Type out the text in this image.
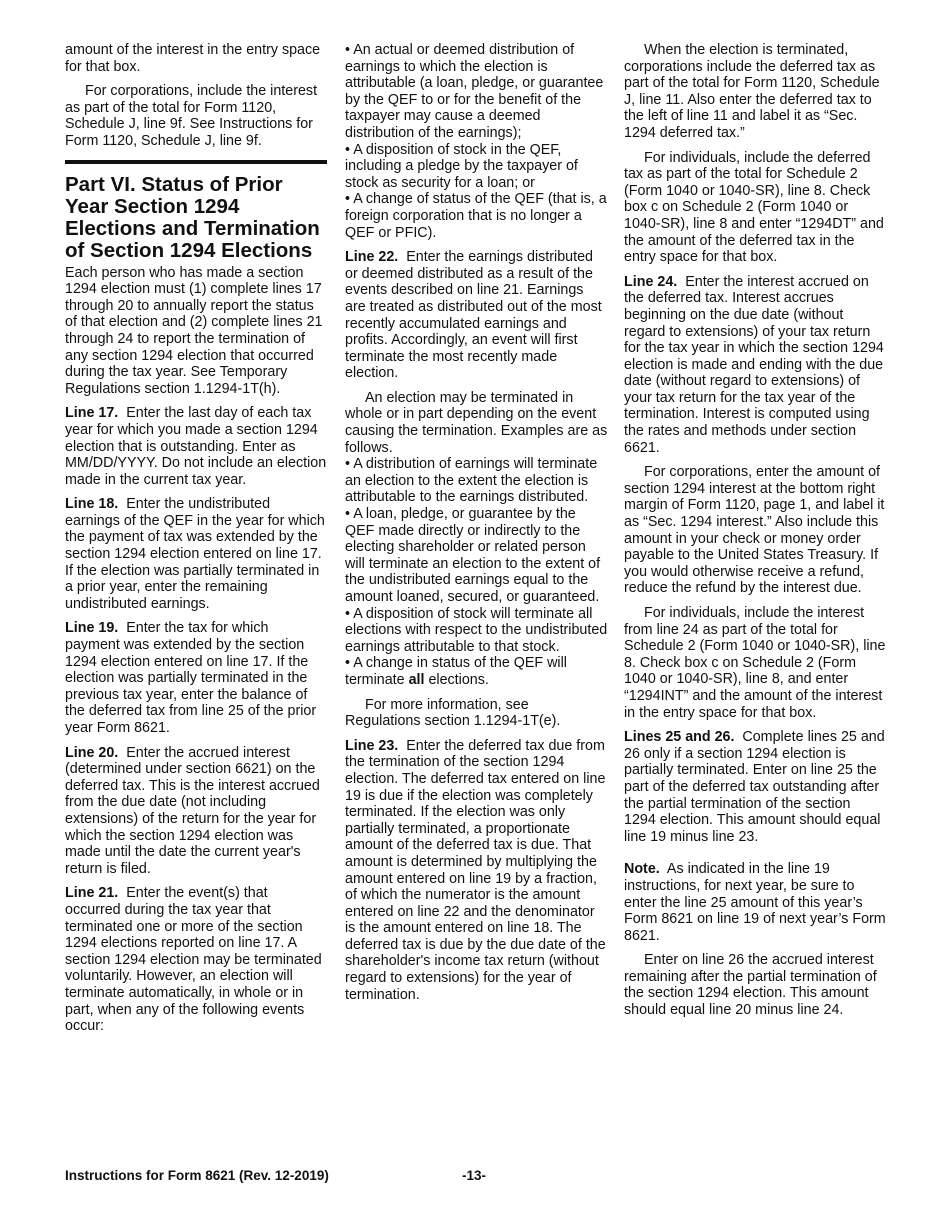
amount of the interest in the entry space for that box.

For corporations, include the interest as part of the total for Form 1120, Schedule J, line 9f. See Instructions for Form 1120, Schedule J, line 9f.

Part VI. Status of Prior Year Section 1294 Elections and Termination of Section 1294 Elections

Each person who has made a section 1294 election must (1) complete lines 17 through 20 to annually report the status of that election and (2) complete lines 21 through 24 to report the termination of any section 1294 election that occurred during the tax year. See Temporary Regulations section 1.1294-1T(h).

Line 17. Enter the last day of each tax year for which you made a section 1294 election that is outstanding. Enter as MM/DD/YYYY. Do not include an election made in the current tax year.

Line 18. Enter the undistributed earnings of the QEF in the year for which the payment of tax was extended by the section 1294 election entered on line 17. If the election was partially terminated in a prior year, enter the remaining undistributed earnings.

Line 19. Enter the tax for which payment was extended by the section 1294 election entered on line 17. If the election was partially terminated in the previous tax year, enter the balance of the deferred tax from line 25 of the prior year Form 8621.

Line 20. Enter the accrued interest (determined under section 6621) on the deferred tax. This is the interest accrued from the due date (not including extensions) of the return for the year for which the section 1294 election was made until the date the current year's return is filed.

Line 21. Enter the event(s) that occurred during the tax year that terminated one or more of the section 1294 elections reported on line 17. A section 1294 election may be terminated voluntarily. However, an election will terminate automatically, in whole or in part, when any of the following events occur:

• An actual or deemed distribution of earnings to which the election is attributable (a loan, pledge, or guarantee by the QEF to or for the benefit of the taxpayer may cause a deemed distribution of the earnings);

• A disposition of stock in the QEF, including a pledge by the taxpayer of stock as security for a loan; or

• A change of status of the QEF (that is, a foreign corporation that is no longer a QEF or PFIC).

Line 22. Enter the earnings distributed or deemed distributed as a result of the events described on line 21. Earnings are treated as distributed out of the most recently accumulated earnings and profits. Accordingly, an event will first terminate the most recently made election.

An election may be terminated in whole or in part depending on the event causing the termination. Examples are as follows.

• A distribution of earnings will terminate an election to the extent the election is attributable to the earnings distributed.

• A loan, pledge, or guarantee by the QEF made directly or indirectly to the electing shareholder or related person will terminate an election to the extent of the undistributed earnings equal to the amount loaned, secured, or guaranteed.

• A disposition of stock will terminate all elections with respect to the undistributed earnings attributable to that stock.

• A change in status of the QEF will terminate all elections.

For more information, see Regulations section 1.1294-1T(e).

Line 23. Enter the deferred tax due from the termination of the section 1294 election. The deferred tax entered on line 19 is due if the election was completely terminated. If the election was only partially terminated, a proportionate amount of the deferred tax is due. That amount is determined by multiplying the amount entered on line 19 by a fraction, of which the numerator is the amount entered on line 22 and the denominator is the amount entered on line 18. The deferred tax is due by the due date of the shareholder's income tax return (without regard to extensions) for the year of termination.

When the election is terminated, corporations include the deferred tax as part of the total for Form 1120, Schedule J, line 11. Also enter the deferred tax to the left of line 11 and label it as “Sec. 1294 deferred tax.”

For individuals, include the deferred tax as part of the total for Schedule 2 (Form 1040 or 1040-SR), line 8. Check box c on Schedule 2 (Form 1040 or 1040-SR), line 8 and enter “1294DT” and the amount of the deferred tax in the entry space for that box.

Line 24. Enter the interest accrued on the deferred tax. Interest accrues beginning on the due date (without regard to extensions) of your tax return for the tax year in which the section 1294 election is made and ending with the due date (without regard to extensions) of your tax return for the tax year of the termination. Interest is computed using the rates and methods under section 6621.

For corporations, enter the amount of section 1294 interest at the bottom right margin of Form 1120, page 1, and label it as “Sec. 1294 interest.” Also include this amount in your check or money order payable to the United States Treasury. If you would otherwise receive a refund, reduce the refund by the interest due.

For individuals, include the interest from line 24 as part of the total for Schedule 2 (Form 1040 or 1040-SR), line 8. Check box c on Schedule 2 (Form 1040 or 1040-SR), line 8, and enter “1294INT” and the amount of the interest in the entry space for that box.

Lines 25 and 26. Complete lines 25 and 26 only if a section 1294 election is partially terminated. Enter on line 25 the part of the deferred tax outstanding after the partial termination of the section 1294 election. This amount should equal line 19 minus line 23.

Note. As indicated in the line 19 instructions, for next year, be sure to enter the line 25 amount of this year’s Form 8621 on line 19 of next year’s Form 8621.

Enter on line 26 the accrued interest remaining after the partial termination of the section 1294 election. This amount should equal line 20 minus line 24.

Instructions for Form 8621 (Rev. 12-2019)	-13-
